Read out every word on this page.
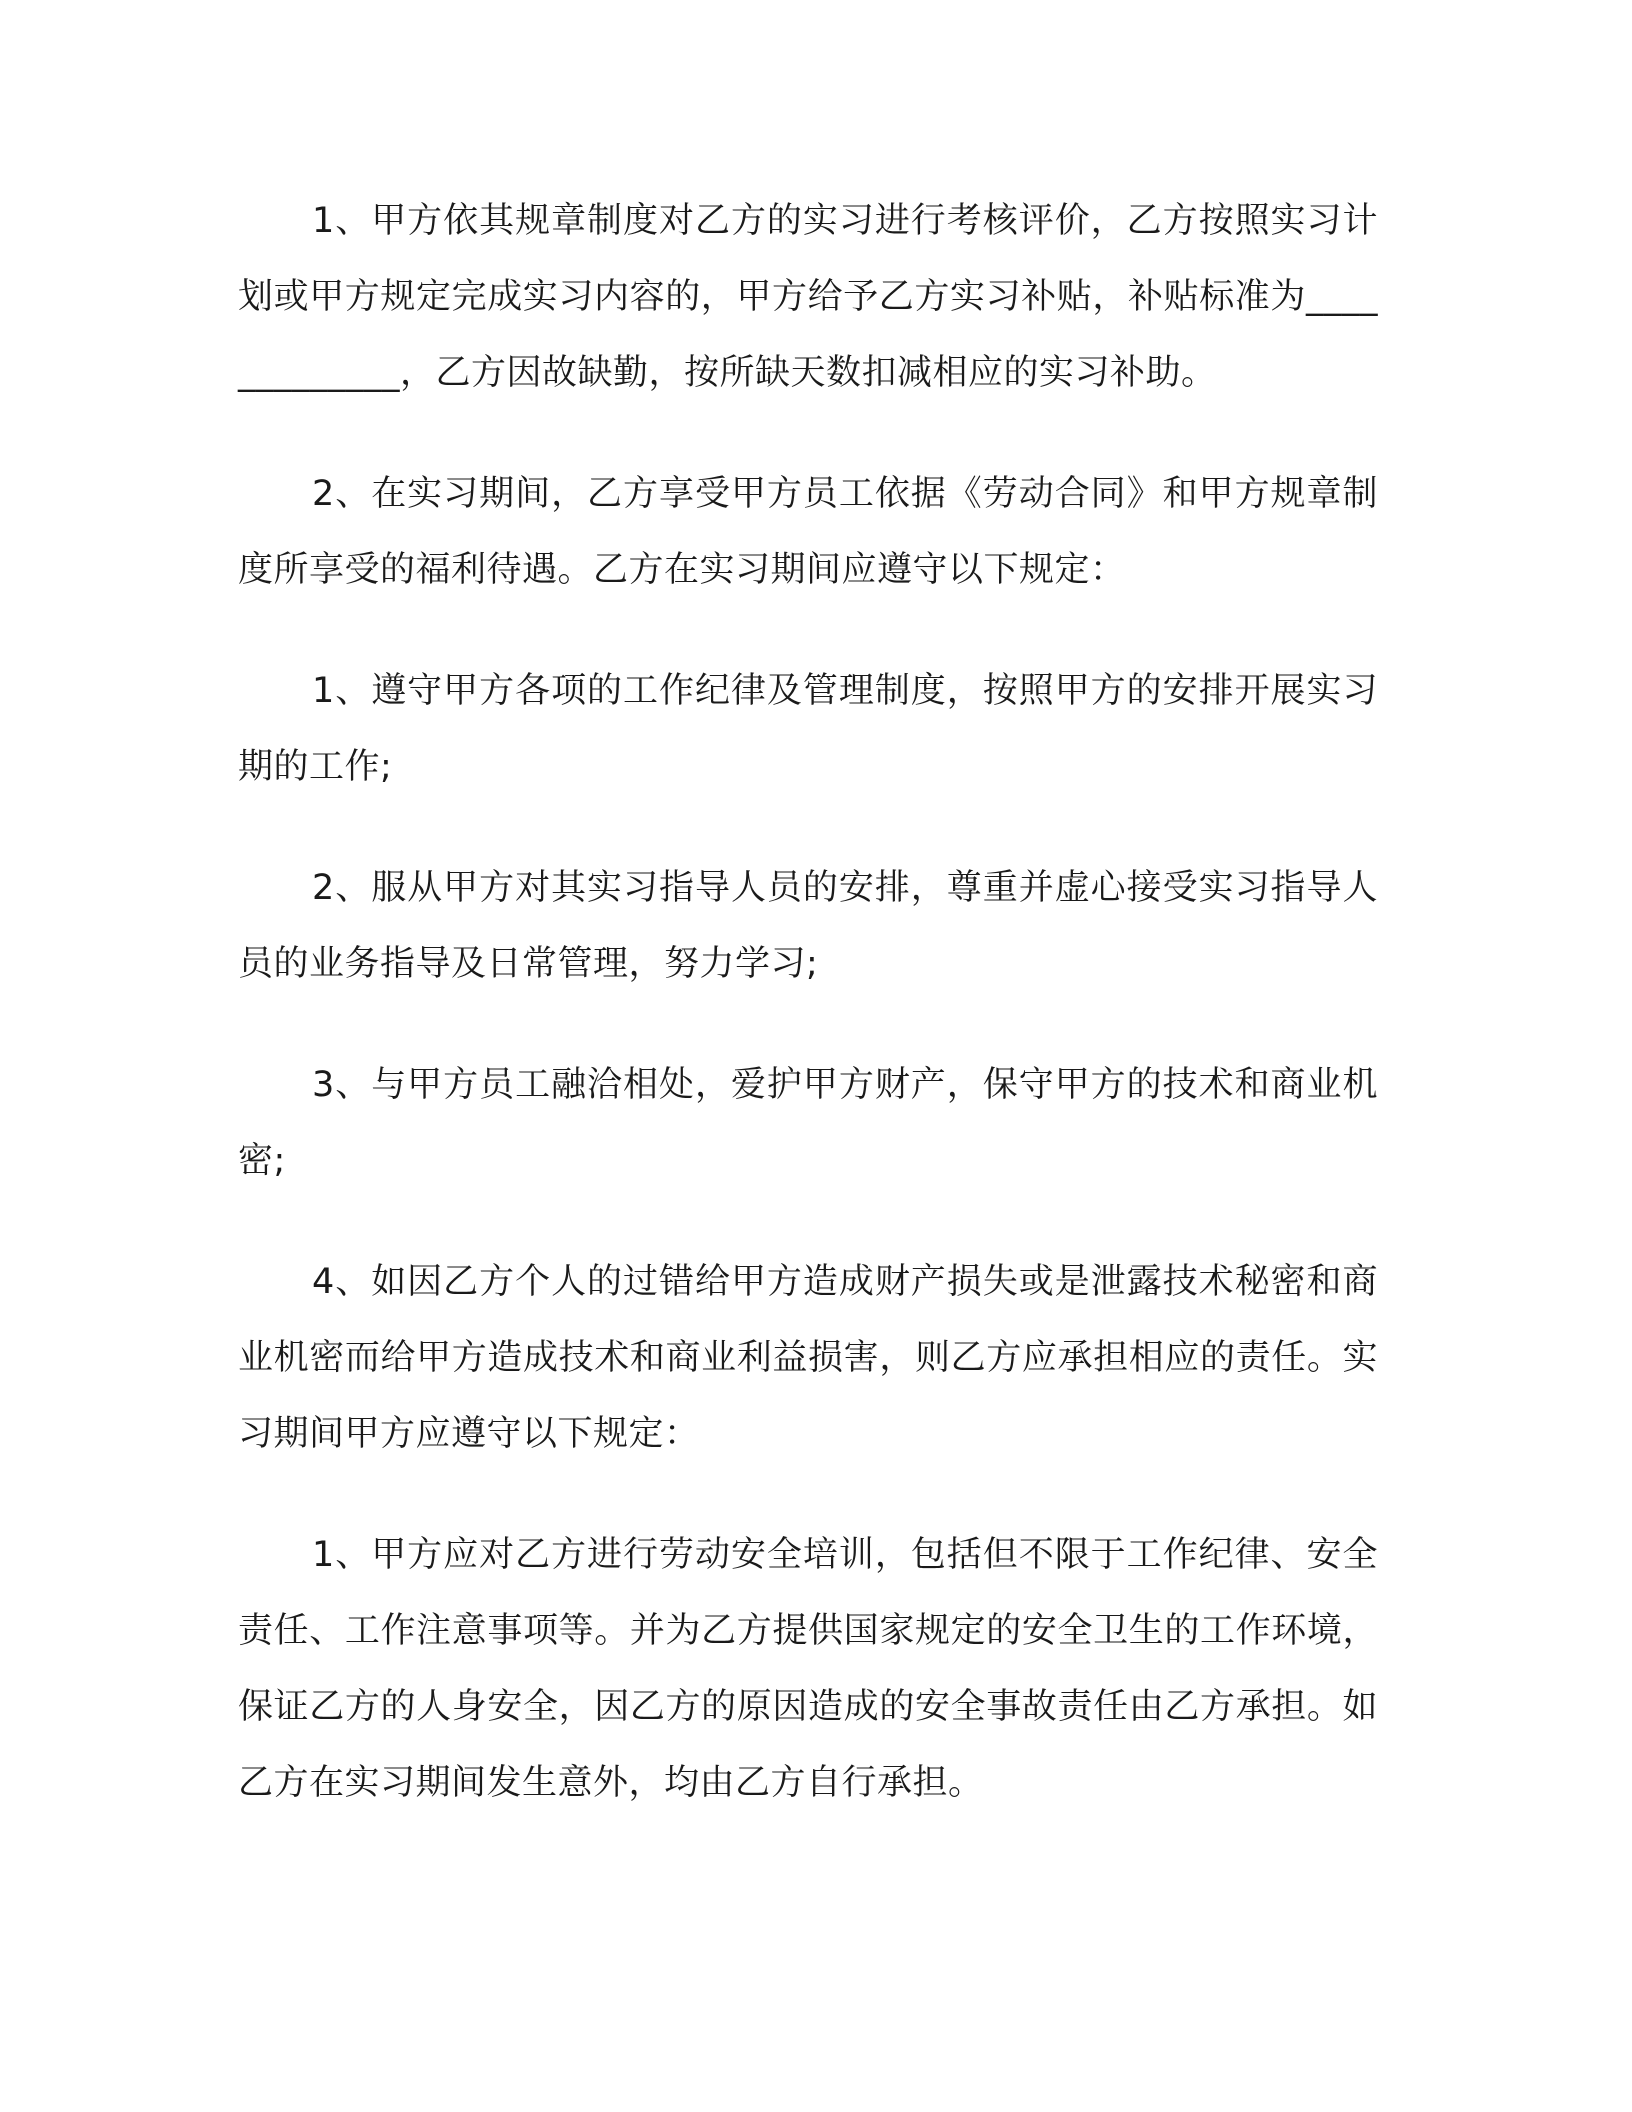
1、甲方依其规章制度对乙方的实习进行考核评价，乙方按照实习计划或甲方规定完成实习内容的，甲方给予乙方实习补贴，补贴标准为_____________，乙方因故缺勤，按所缺天数扣减相应的实习补助。

2、在实习期间，乙方享受甲方员工依据《劳动合同》和甲方规章制度所享受的福利待遇。乙方在实习期间应遵守以下规定：

1、遵守甲方各项的工作纪律及管理制度，按照甲方的安排开展实习期的工作;

2、服从甲方对其实习指导人员的安排，尊重并虚心接受实习指导人员的业务指导及日常管理，努力学习;

3、与甲方员工融洽相处，爱护甲方财产，保守甲方的技术和商业机密;

4、如因乙方个人的过错给甲方造成财产损失或是泄露技术秘密和商业机密而给甲方造成技术和商业利益损害，则乙方应承担相应的责任。实习期间甲方应遵守以下规定：

1、甲方应对乙方进行劳动安全培训，包括但不限于工作纪律、安全责任、工作注意事项等。并为乙方提供国家规定的安全卫生的工作环境，保证乙方的人身安全，因乙方的原因造成的安全事故责任由乙方承担。如乙方在实习期间发生意外，均由乙方自行承担。
